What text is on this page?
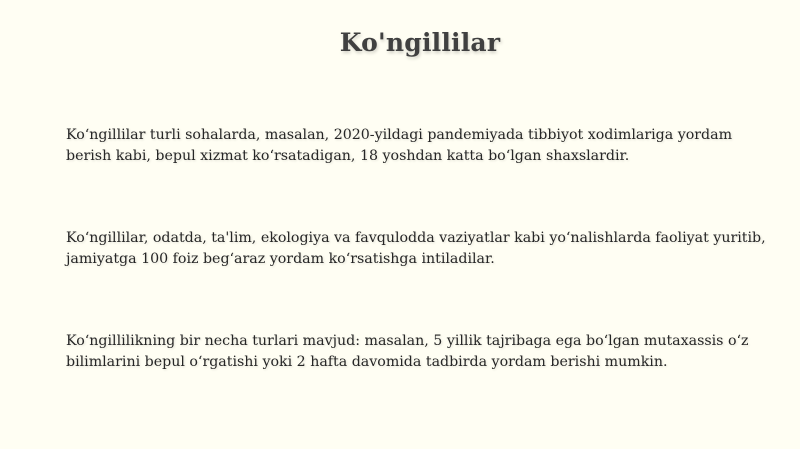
Ko'ngillilar

Ko‘ngillilar turli sohalarda, masalan, 2020-yildagi pandemiyada tibbiyot xodimlariga yordam berish kabi, bepul xizmat ko‘rsatadigan, 18 yoshdan katta bo‘lgan shaxslardir.

Ko‘ngillilar, odatda, ta'lim, ekologiya va favqulodda vaziyatlar kabi yo‘nalishlarda faoliyat yuritib, jamiyatga 100 foiz beg‘araz yordam ko‘rsatishga intiladilar.

Ko‘ngillilikning bir necha turlari mavjud: masalan, 5 yillik tajribaga ega bo‘lgan mutaxassis o‘z bilimlarini bepul o‘rgatishi yoki 2 hafta davomida tadbirda yordam berishi mumkin.
